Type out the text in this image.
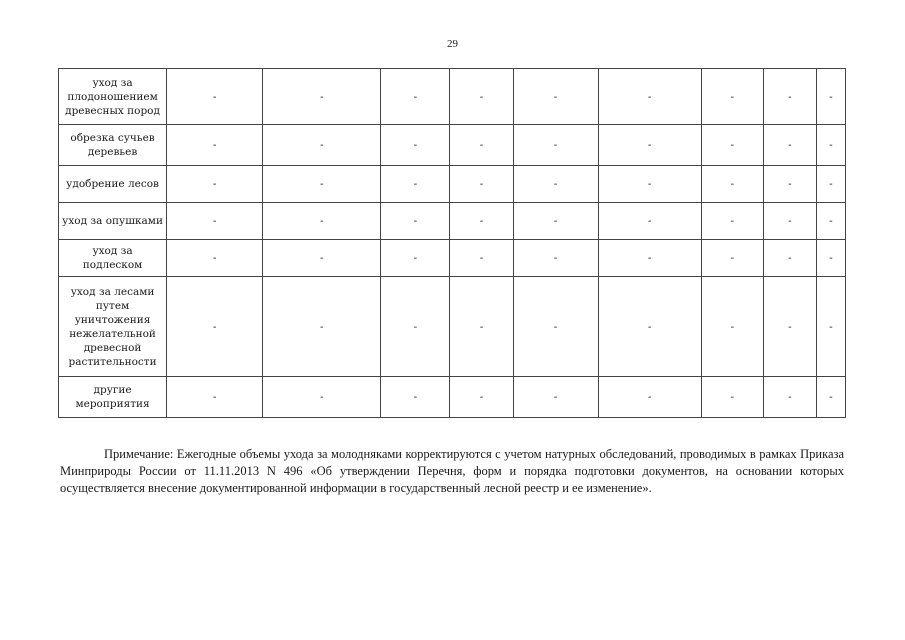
29
уход за плодоношением древесных пород	-	-	-	-	-	-	-	-	-
обрезка сучьев деревьев	-	-	-	-	-	-	-	-	-
удобрение лесов	-	-	-	-	-	-	-	-	-
уход за опушками	-	-	-	-	-	-	-	-	-
уход за подлеском	-	-	-	-	-	-	-	-	-
уход за лесами путем уничтожения нежелательной древесной растительности	-	-	-	-	-	-	-	-	-
другие мероприятия	-	-	-	-	-	-	-	-	-

Примечание: Ежегодные объемы ухода за молодняками корректируются с учетом натурных обследований, проводимых в рамках Приказа Минприроды России от 11.11.2013 N 496 «Об утверждении Перечня, форм и порядка подготовки документов, на основании которых осуществляется внесение документированной информации в государственный лесной реестр и ее изменение».
